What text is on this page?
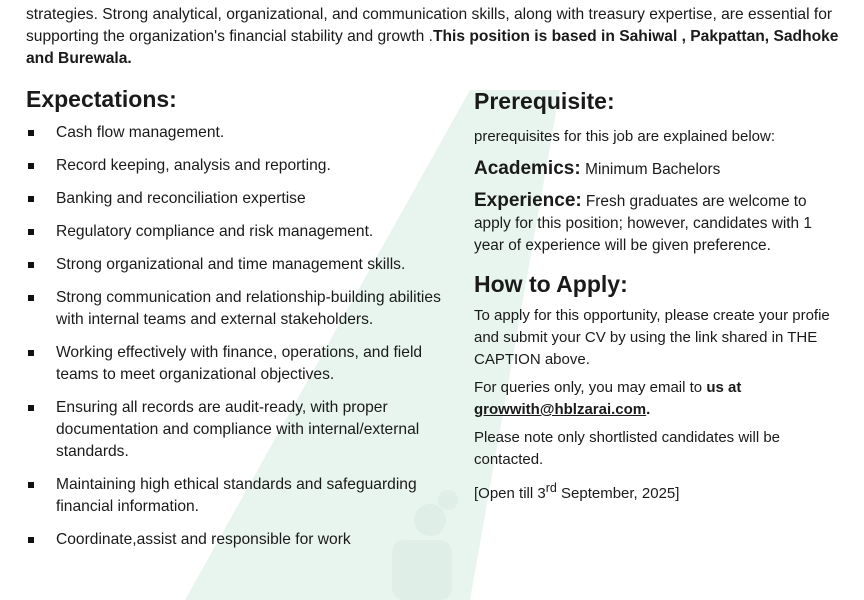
strategies. Strong analytical, organizational, and communication skills, along with treasury expertise, are essential for supporting the organization's financial stability and growth .This position is based in Sahiwal , Pakpattan, Sadhoke and Burewala.
Expectations:
Cash flow management.
Record keeping, analysis and reporting.
Banking and reconciliation expertise
Regulatory compliance and risk management.
Strong organizational and time management skills.
Strong communication and relationship-building abilities with internal teams and external stakeholders.
Working effectively with finance, operations, and field teams to meet organizational objectives.
Ensuring all records are audit-ready, with proper documentation and compliance with internal/external standards.
Maintaining high ethical standards and safeguarding financial information.
Coordinate,assist and responsible for work
Prerequisite:

prerequisites for this job are explained below:

Academics: Minimum Bachelors
Experience: Fresh graduates are welcome to apply for this position; however, candidates with 1 year of experience will be given preference.
How to Apply:

To apply for this opportunity, please create your profie and submit your CV by using the link shared in THE CAPTION above.

For queries only, you may email to us at growwith@hblzarai.com.

Please note only shortlisted candidates will be contacted.

[Open till 3rd September, 2025]
